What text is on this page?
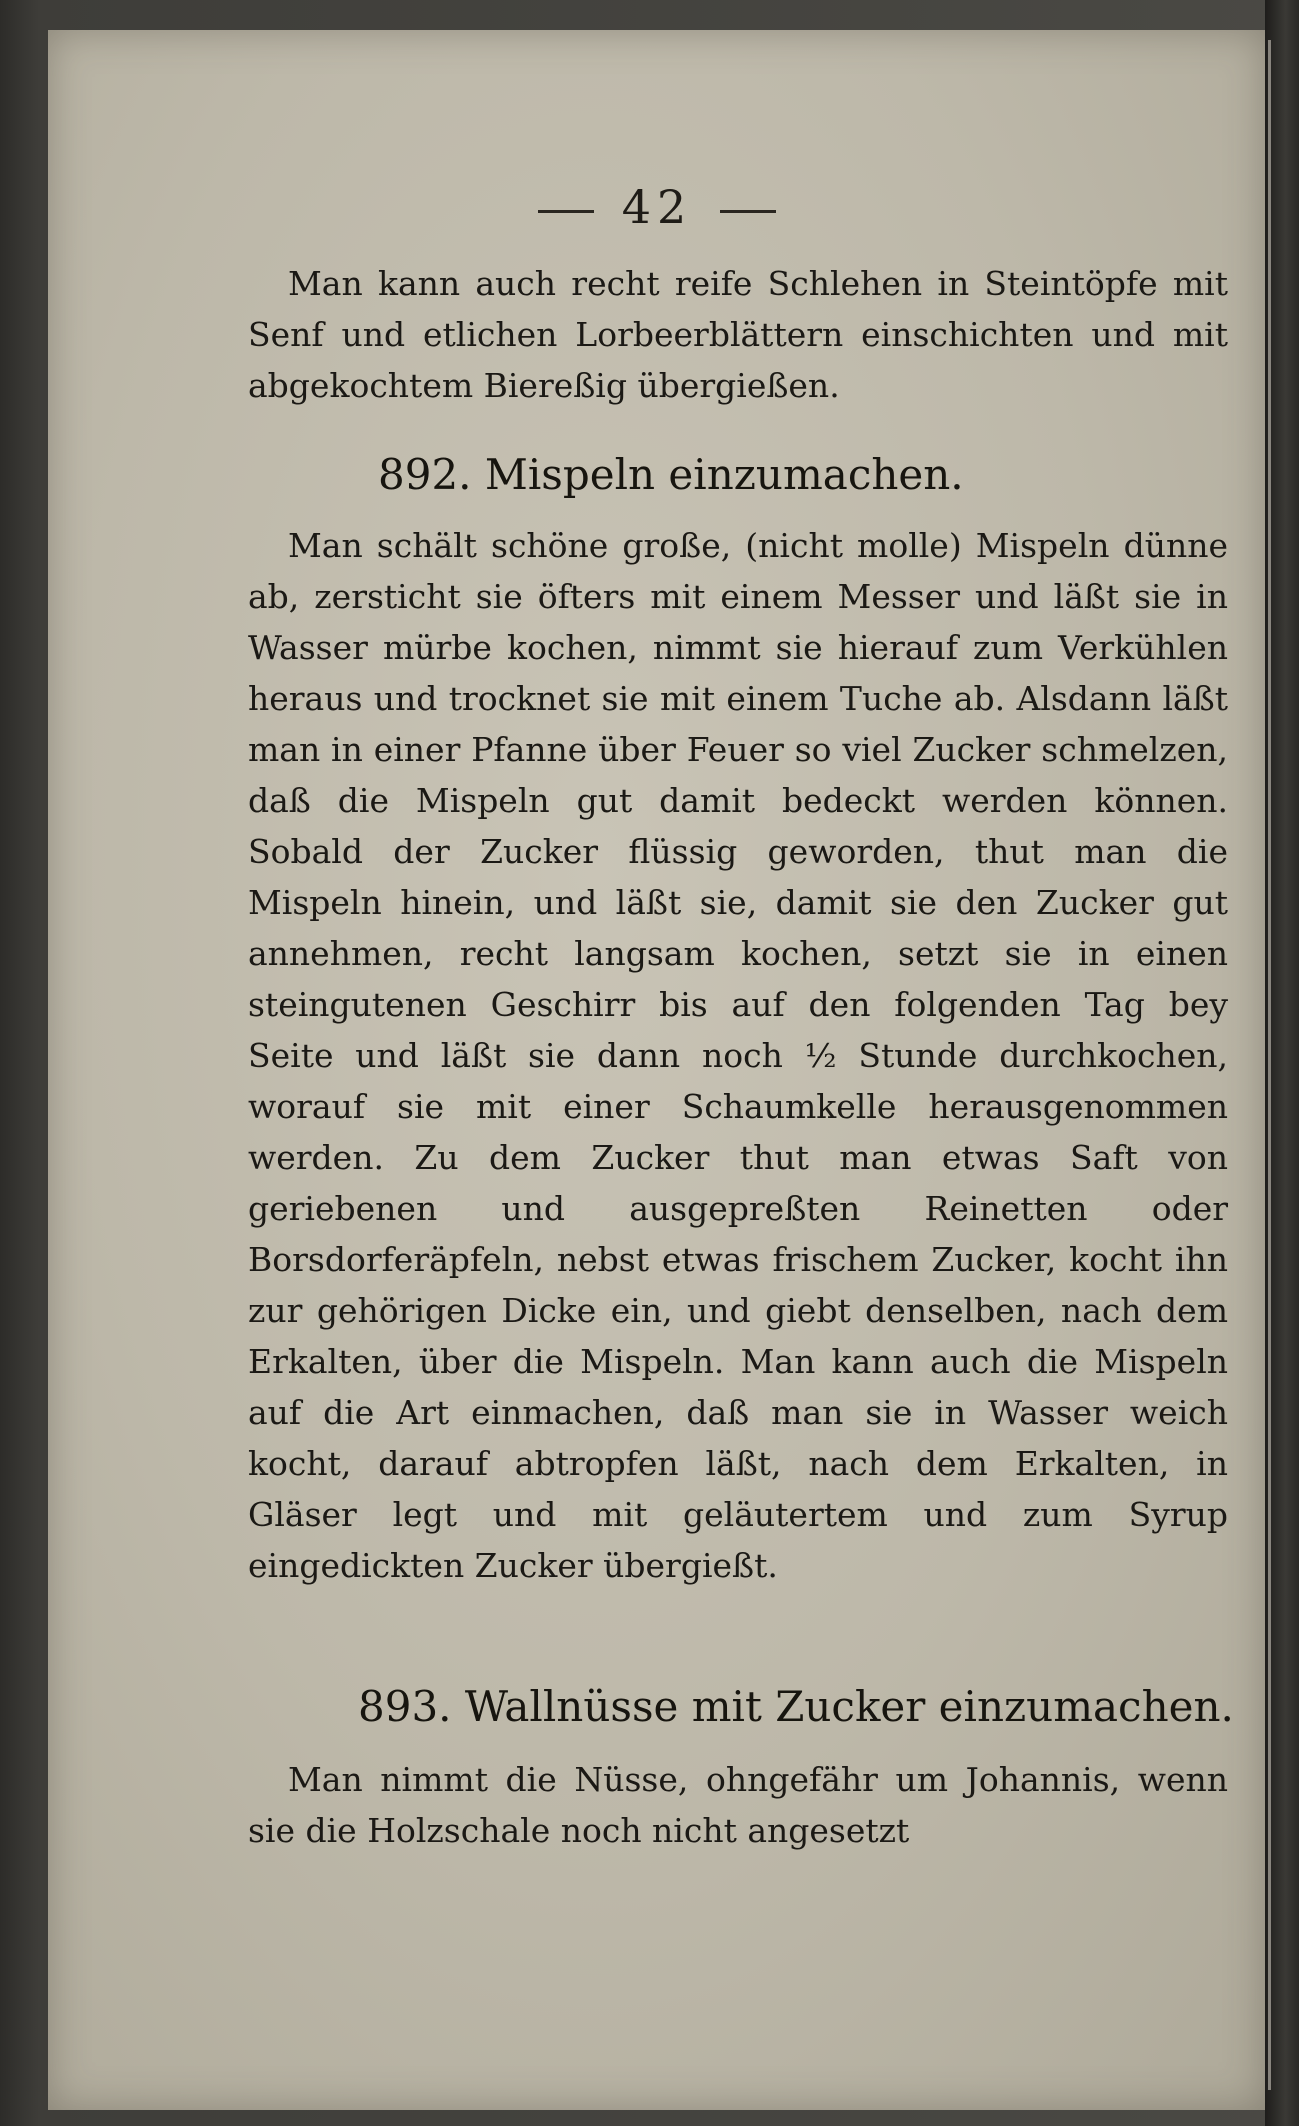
42
Man kann auch recht reife Schlehen in Steintöpfe mit Senf und etlichen Lorbeerblättern einschichten und mit abgekochtem Biereßig übergießen.
892. Mispeln einzumachen.
Man schält schöne große, (nicht molle) Mispeln dünne ab, zersticht sie öfters mit einem Messer und läßt sie in Wasser mürbe kochen, nimmt sie hierauf zum Verkühlen heraus und trocknet sie mit einem Tuche ab. Alsdann läßt man in einer Pfanne über Feuer so viel Zucker schmelzen, daß die Mispeln gut damit bedeckt werden können. Sobald der Zucker flüssig geworden, thut man die Mispeln hinein, und läßt sie, damit sie den Zucker gut annehmen, recht langsam kochen, setzt sie in einen steingutenen Geschirr bis auf den folgenden Tag bey Seite und läßt sie dann noch ½ Stunde durchkochen, worauf sie mit einer Schaumkelle herausgenommen werden. Zu dem Zucker thut man etwas Saft von geriebenen und ausgepreßten Reinetten oder Borsdorferäpfeln, nebst etwas frischem Zucker, kocht ihn zur gehörigen Dicke ein, und giebt denselben, nach dem Erkalten, über die Mispeln. Man kann auch die Mispeln auf die Art einmachen, daß man sie in Wasser weich kocht, darauf abtropfen läßt, nach dem Erkalten, in Gläser legt und mit geläutertem und zum Syrup eingedickten Zucker übergießt.
893. Wallnüsse mit Zucker einzumachen.
Man nimmt die Nüsse, ohngefähr um Johannis, wenn sie die Holzschale noch nicht angesetzt
